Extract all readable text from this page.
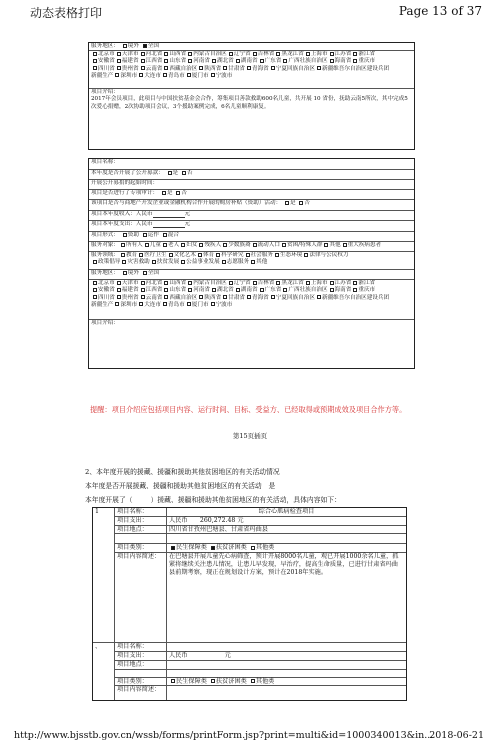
动态表格打印	Page 13 of 37
服务地区： 境外 全国
北京市 天津市 河北省 山西省 内蒙古自治区 辽宁省 吉林省 黑龙江省 上海市 江苏省 浙江省
安徽省 福建省 江西省 山东省 河南省 湖北省 湖南省 广东省 广西壮族自治区 海南省 重庆市
四川省 贵州省 云南省 西藏自治区 陕西省 甘肃省 青海省 宁夏回族自治区 新疆维吾尔自治区建设兵团
新疆生产 深圳市 大连市 青岛市 厦门市 宁波市
项目介绍：
2017年会员项目，此项目与中国扶贫基金会合作，筹集项目善款救助600名儿童，共开展 10 省份，抚助云南5所次，其中完成5次爱心捐赠，2次协助项目会议，3个援助案例完成，6名儿童顺利康复。
项目名称：
本年度是否开展了公开募款： 是 否
开展公开募捐的起始时间：
项目是否进行了专项审计： 是 否
该项目是否与商地产开发企业或金融机构合作开展的购房补贴（资助）活动： 是 否
项目本年度收入：人民币	元
项目本年度支出：人民币	元
项目形式： 资助 运作 混合
服务对象： 所有人 儿童 老人 妇女 残疾人 少数族裔 流动人口 贫困/特殊人群 其他 重大疾病患者
服务领域： 教育 医疗卫生 文化艺术 体育 科学研究 社会服务 生态环境 法律与公民权力
政策倡导 灾害救助 扶贫发展 公益事业发展 志愿服务 其他
服务地区： 境外 全国
北京市 天津市 河北省 山西省 内蒙古自治区 辽宁省 吉林省 黑龙江省 上海市 江苏省 浙江省
安徽省 福建省 江西省 山东省 河南省 湖北省 湖南省 广东省 广西壮族自治区 海南省 重庆市
四川省 贵州省 云南省 西藏自治区 陕西省 甘肃省 青海省 宁夏回族自治区 新疆维吾尔自治区建设兵团
新疆生产 深圳市 大连市 青岛市 厦门市 宁波市
项目介绍：
提醒：项目介绍应包括项目内容、运行时间、目标、受益方、已经取得或预期成效及项目合作方等。
第15页插页
2、本年度开展的援藏、援疆和援助其他贫困地区的有关活动情况
本年度是否开展援藏、援疆和援助其他贫困地区的有关活动　 是
本年度开展了（	）援藏、援疆和援助其他贫困地区的有关活动，具体内容如下：
1	项目名称：	综合心肌病检查项目
项目支出：	人民币　　260,272.48 元
项目地点：	四川省甘孜州巴塘县、甘肃省玛曲县
项目类别：	民生保障类 扶贫济困类 其他类
项目内容简述：	在巴塘县开展儿童先心病筛查，预计开展8000名儿童，观已开展1000余名儿童，抓紧将继续关注患儿情况，让患儿早发现，早治疗，提高生命质量，已进行甘肃省玛曲县前期考察，现正在规划设计方案，预计在2018年实施。
、	项目名称：
项目支出：	人民币　　　　　　元
项目地点：
项目类别：	民生保障类 扶贫济困类 其他类
项目内容简述：
http://www.bjsstb.gov.cn/wssb/forms/printForm.jsp?print=multi&id=1000340013&in...
2018-06-21
